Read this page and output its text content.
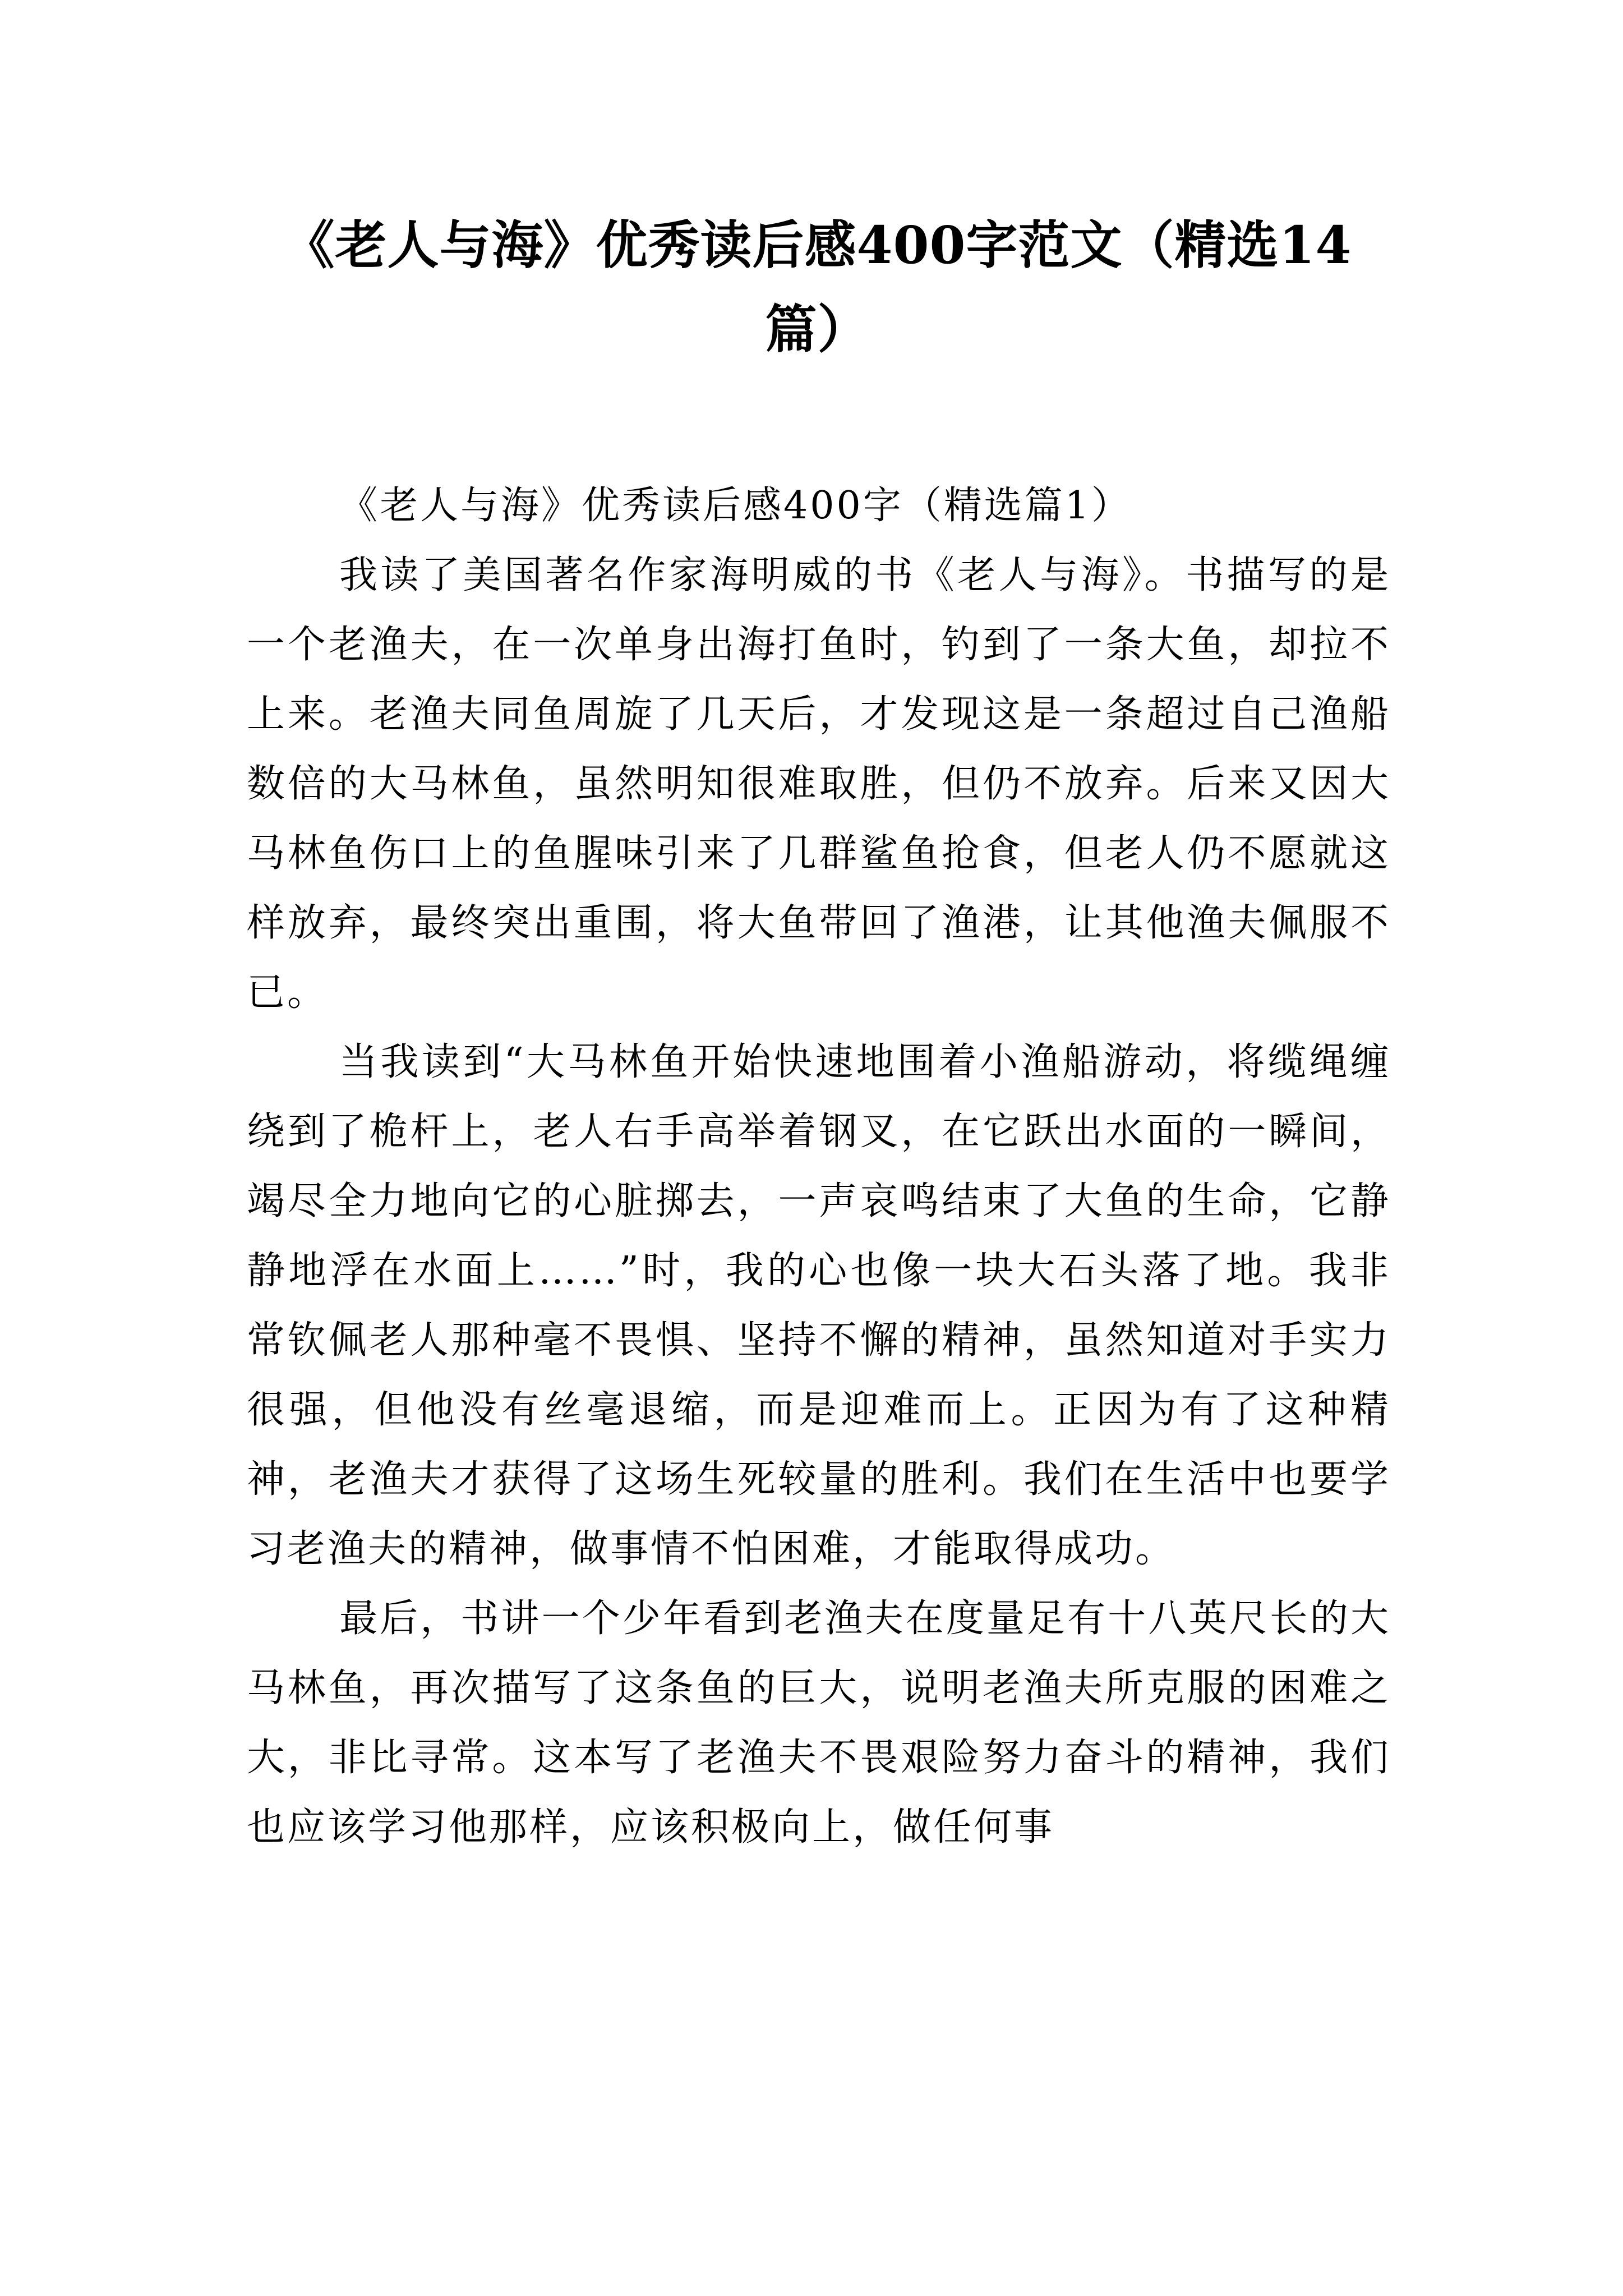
《老人与海》优秀读后感400字范文（精选14篇）

《老人与海》优秀读后感400字（精选篇1）

我读了美国著名作家海明威的书《老人与海》。书描写的是一个老渔夫，在一次单身出海打鱼时，钓到了一条大鱼，却拉不上来。老渔夫同鱼周旋了几天后，才发现这是一条超过自己渔船数倍的大马林鱼，虽然明知很难取胜，但仍不放弃。后来又因大马林鱼伤口上的鱼腥味引来了几群鲨鱼抢食，但老人仍不愿就这样放弃，最终突出重围，将大鱼带回了渔港，让其他渔夫佩服不已。

当我读到“大马林鱼开始快速地围着小渔船游动，将缆绳缠绕到了桅杆上，老人右手高举着钢叉，在它跃出水面的一瞬间，竭尽全力地向它的心脏掷去，一声哀鸣结束了大鱼的生命，它静静地浮在水面上……”时，我的心也像一块大石头落了地。我非常钦佩老人那种毫不畏惧、坚持不懈的精神，虽然知道对手实力很强，但他没有丝毫退缩，而是迎难而上。正因为有了这种精神，老渔夫才获得了这场生死较量的胜利。我们在生活中也要学习老渔夫的精神，做事情不怕困难，才能取得成功。

最后，书讲一个少年看到老渔夫在度量足有十八英尺长的大马林鱼，再次描写了这条鱼的巨大，说明老渔夫所克服的困难之大，非比寻常。这本写了老渔夫不畏艰险努力奋斗的精神，我们也应该学习他那样，应该积极向上，做任何事
